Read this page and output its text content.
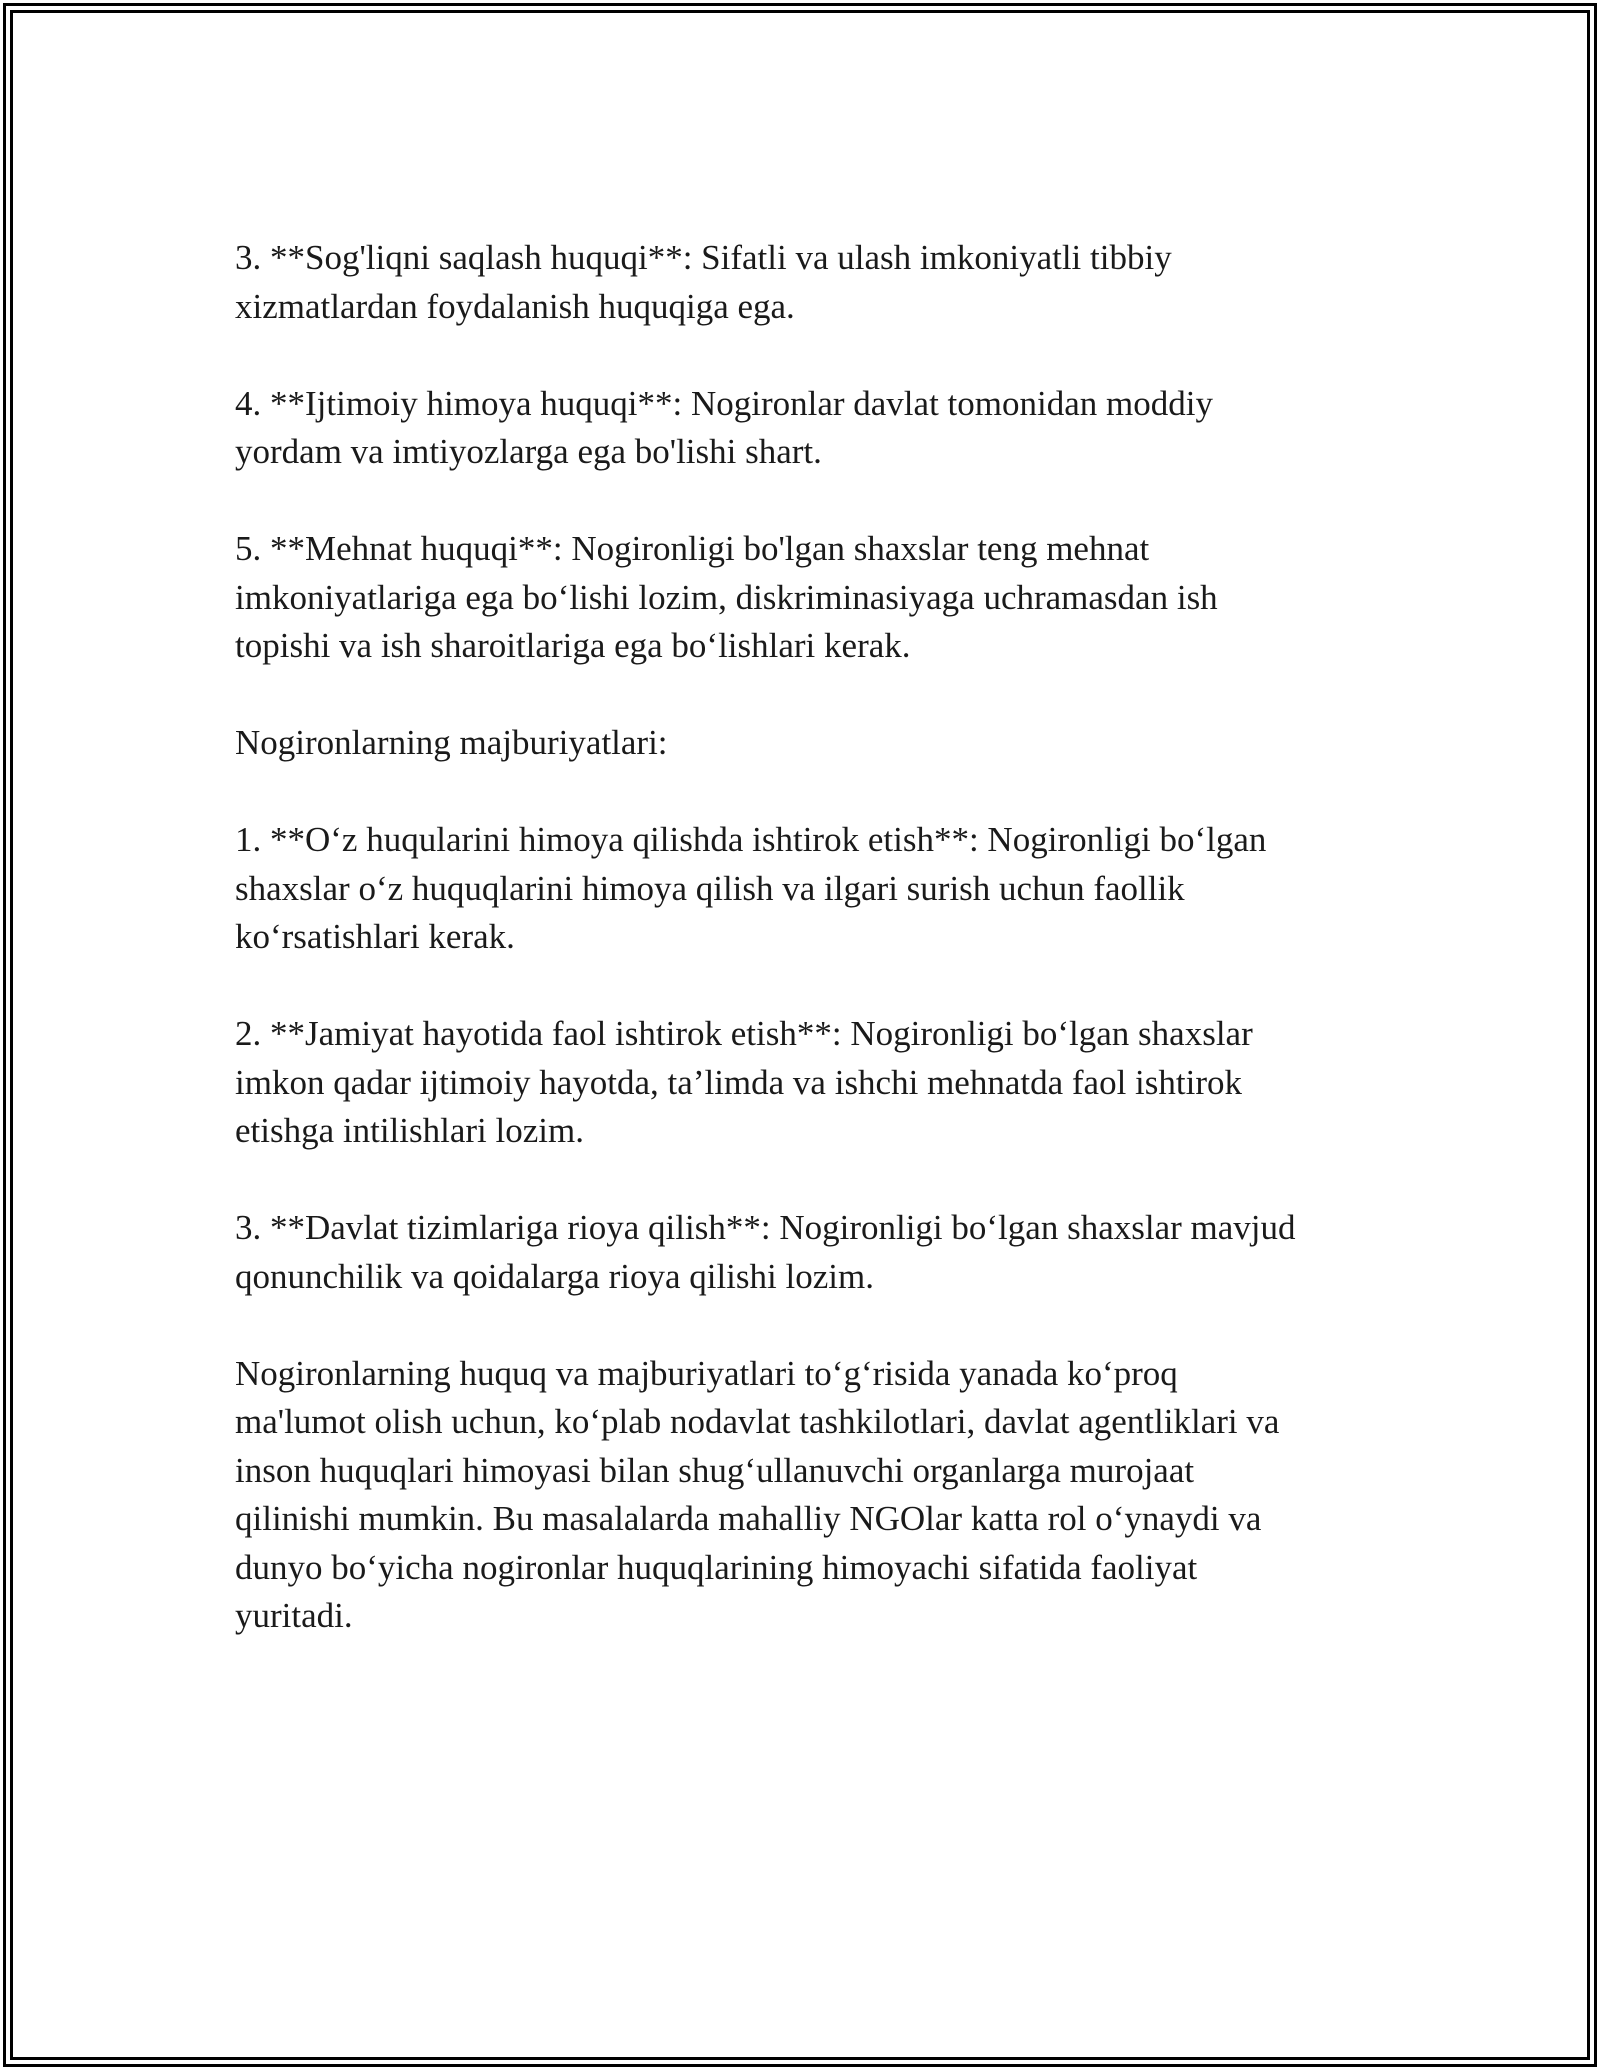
3. **Sog'liqni saqlash huquqi**: Sifatli va ulash imkoniyatli tibbiy
xizmatlardan foydalanish huquqiga ega.

4. **Ijtimoiy himoya huquqi**: Nogironlar davlat tomonidan moddiy
yordam va imtiyozlarga ega bo'lishi shart.

5. **Mehnat huquqi**: Nogironligi bo'lgan shaxslar teng mehnat
imkoniyatlariga ega bo‘lishi lozim, diskriminasiyaga uchramasdan ish
topishi va ish sharoitlariga ega bo‘lishlari kerak.

Nogironlarning majburiyatlari:

1. **O‘z huqularini himoya qilishda ishtirok etish**: Nogironligi bo‘lgan
shaxslar o‘z huquqlarini himoya qilish va ilgari surish uchun faollik
ko‘rsatishlari kerak.

2. **Jamiyat hayotida faol ishtirok etish**: Nogironligi bo‘lgan shaxslar
imkon qadar ijtimoiy hayotda, ta’limda va ishchi mehnatda faol ishtirok
etishga intilishlari lozim.

3. **Davlat tizimlariga rioya qilish**: Nogironligi bo‘lgan shaxslar mavjud
qonunchilik va qoidalarga rioya qilishi lozim.

Nogironlarning huquq va majburiyatlari to‘g‘risida yanada ko‘proq
ma'lumot olish uchun, ko‘plab nodavlat tashkilotlari, davlat agentliklari va
inson huquqlari himoyasi bilan shug‘ullanuvchi organlarga murojaat
qilinishi mumkin. Bu masalalarda mahalliy NGOlar katta rol o‘ynaydi va
dunyo bo‘yicha nogironlar huquqlarining himoyachi sifatida faoliyat
yuritadi.
